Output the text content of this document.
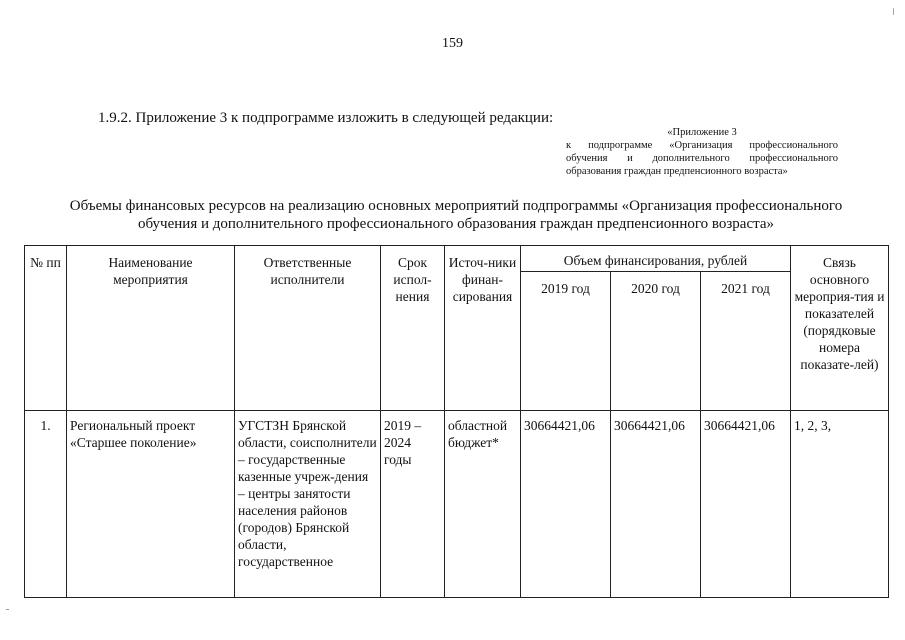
159
1.9.2. Приложение 3 к подпрограмме изложить в следующей редакции:
«Приложение 3
к подпрограмме «Организация профессионального
обучения и дополнительного профессионального
образования граждан предпенсионного возраста»
Объемы финансовых ресурсов на реализацию основных мероприятий подпрограммы «Организация профессионального
обучения и дополнительного профессионального образования граждан предпенсионного возраста»
№ пп	Наименование мероприятия	Ответственные исполнители	Срок испол-нения	Источ-ники финан-сирования	Объем финансирования, рублей			Связь основного мероприя-тия и показателей (порядковые номера показате-лей)
					2019 год	2020 год	2021 год	
1.	Региональный проект «Старшее поколение»	УГСТЗН Брянской области, соисполнители – государственные казенные учреж-дения – центры занятости населения районов (городов) Брянской области, государственное	2019 – 2024 годы	областной бюджет*	30664421,06	30664421,06	30664421,06	1, 2, 3,
